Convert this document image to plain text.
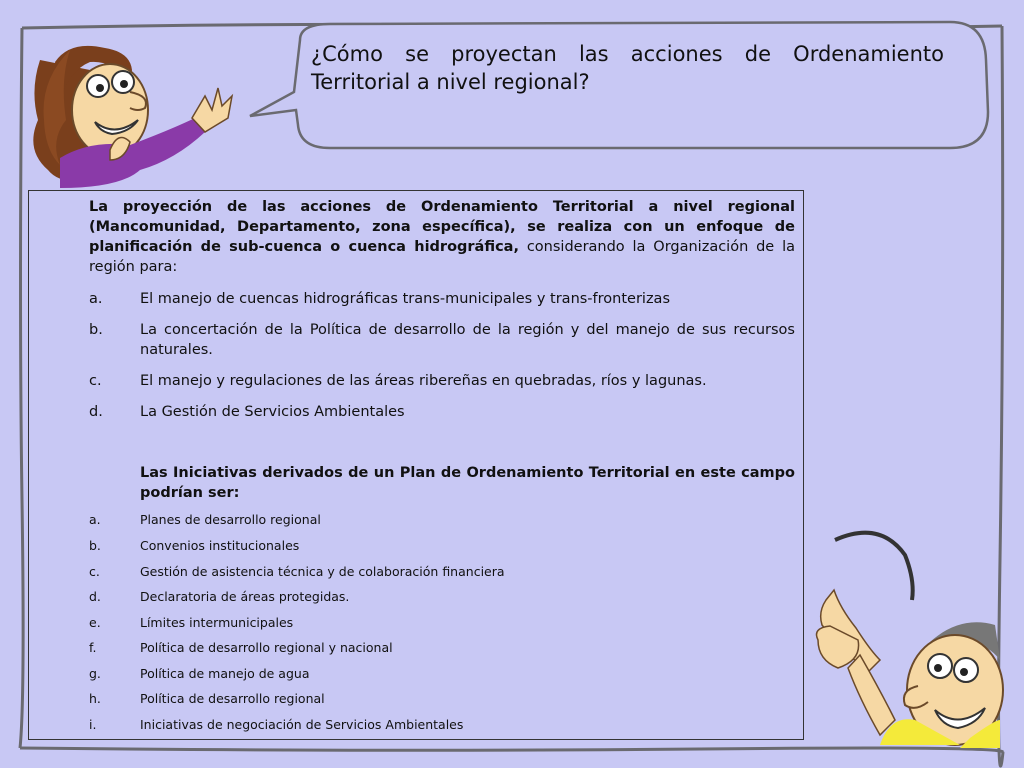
¿Cómo se proyectan las acciones de Ordenamiento Territorial a nivel regional?
La proyección de las acciones de Ordenamiento Territorial a nivel regional (Mancomunidad, Departamento, zona específica), se realiza con un enfoque de planificación de sub-cuenca o cuenca hidrográfica, considerando la Organización de la región para:
a.	El manejo de cuencas hidrográficas trans-municipales y trans-fronterizas
b.	La concertación de la Política de desarrollo de la región y del manejo de sus recursos naturales.
c.	El manejo y regulaciones de las áreas ribereñas en quebradas, ríos y lagunas.
d.	La Gestión de Servicios Ambientales
Las Iniciativas derivados de un Plan de Ordenamiento Territorial en este campo podrían ser:
a.	Planes de desarrollo regional
b.	Convenios institucionales
c.	Gestión de asistencia técnica y de colaboración financiera
d.	Declaratoria de áreas protegidas.
e.	Límites intermunicipales
f.	Política de desarrollo regional y nacional
g.	Política de manejo de agua
h.	Política de desarrollo regional
i.	Iniciativas de negociación de Servicios Ambientales
